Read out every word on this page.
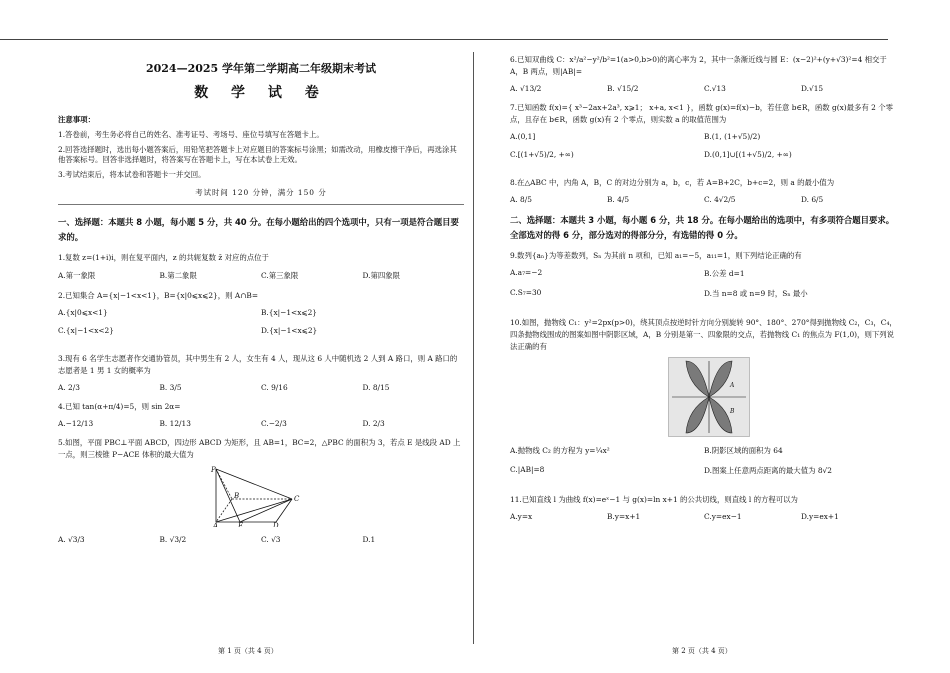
2024—2025 学年第二学期高二年级期末考试
数 学 试 卷
注意事项：
1.答卷前，考生务必将自己的姓名、准考证号、考场号、座位号填写在答题卡上。
2.回答选择题时，选出每小题答案后，用铅笔把答题卡上对应题目的答案标号涂黑；如需改动，用橡皮擦干净后，再选涂其他答案标号。回答非选择题时，将答案写在答题卡上，写在本试卷上无效。
3.考试结束后，将本试卷和答题卡一并交回。
考试时间 120 分钟，满分 150 分
一、选择题：本题共 8 小题，每小题 5 分，共 40 分。在每小题给出的四个选项中，只有一项是符合题目要求的。
1.复数 z=(1+i)i，则在复平面内，z 的共轭复数 z̄ 对应的点位于
A.第一象限	B.第二象限	C.第三象限	D.第四象限
2.已知集合 A={x|−1<x<1}，B={x|0⩽x⩽2}，则 A∩B=
A.{x|0⩽x<1}	B.{x|−1<x⩽2}
C.{x|−1<x<2}	D.{x|−1<x⩽2}
3.现有 6 名学生志愿者作交通协管员，其中男生有 2 人，女生有 4 人，现从这 6 人中随机选 2 人到 A 路口，则 A 路口的志愿者是 1 男 1 女的概率为
A. 2/3	B. 3/5	C. 9/16	D. 8/15
4.已知 tan(α+π/4)=5，则 sin 2α=
A.−12/13	B. 12/13	C.−2/3	D. 2/3
5.如图，平面 PBC⊥平面 ABCD，四边形 ABCD 为矩形，且 AB=1，BC=2，△PBC 的面积为 3，若点 E 是线段 AD 上一点，则三棱锥 P−ACE 体积的最大值为
P
B	C
A	E	D
A. √3/3	B. √3/2	C. √3	D.1
6.已知双曲线 C：x²/a²−y²/b²=1(a>0,b>0)的离心率为 2，其中一条渐近线与圆 E：(x−2)²+(y+√3)²=4 相交于 A，B 两点，则|AB|=
A. √13/2	B. √15/2	C.√13	D.√15
7.已知函数 f(x)={ x³−2ax+2a³, x⩾1； x+a, x<1 }，函数 g(x)=f(x)−b，若任意 b∈R，函数 g(x)最多有 2 个零点，且存在 b∈R，函数 g(x)有 2 个零点，则实数 a 的取值范围为
A.(0,1]	B.(1, (1+√5)/2)
C.[(1+√5)/2, +∞)	D.(0,1]∪[(1+√5)/2, +∞)
8.在△ABC 中，内角 A，B，C 的对边分别为 a，b，c，若 A=B+2C，b+c=2，则 a 的最小值为
A. 8/5	B. 4/5	C. 4√2/5	D. 6/5
二、选择题：本题共 3 小题，每小题 6 分，共 18 分。在每小题给出的选项中，有多项符合题目要求。全部选对的得 6 分，部分选对的得部分分，有选错的得 0 分。
9.数列{aₙ}为等差数列，Sₙ 为其前 n 项和，已知 a₁=−5，a₁₁=1，则下列结论正确的有
A.a₇=−2	B.公差 d=1
C.S₇=30	D.当 n=8 或 n=9 时，Sₙ 最小
10.如图，抛物线 C₁：y²=2px(p>0)，绕其顶点按逆时针方向分别旋转 90°、180°、270°得到抛物线 C₂，C₃，C₄，四条抛物线围成的图案如图中阴影区域，A，B 分别是第一、四象限的交点，若抛物线 C₁ 的焦点为 F(1,0)，则下列说法正确的有
A
B
A.抛物线 C₂ 的方程为 y=¼x²	B.阴影区域的面积为 64
C.|AB|=8	D.图案上任意两点距离的最大值为 8√2
11.已知直线 l 为曲线 f(x)=eˣ−1 与 g(x)=ln x+1 的公共切线，则直线 l 的方程可以为
A.y=x	B.y=x+1	C.y=ex−1	D.y=ex+1
第 1 页（共 4 页）	第 2 页（共 4 页）
